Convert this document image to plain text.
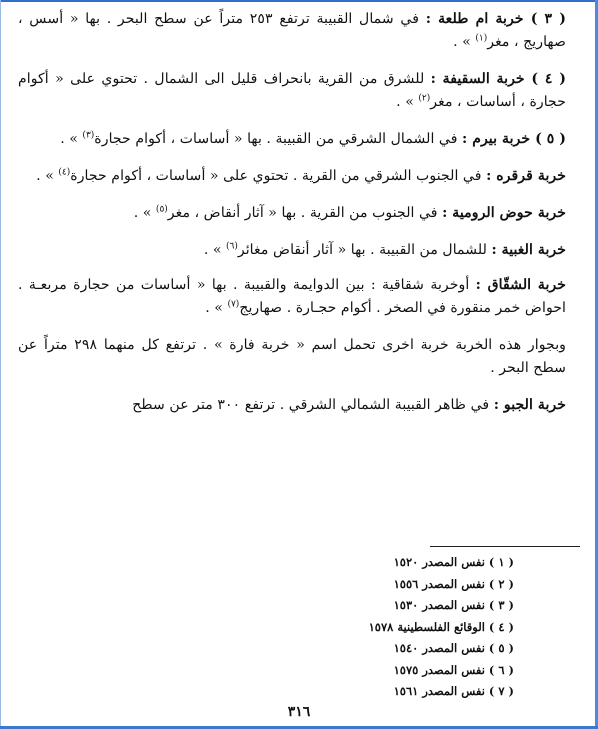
( ٣ ) خربة ام طلعة : في شمال القبيبة ترتفع ٢٥٣ متراً عن سطح البحر . بها « أسس ، صهاريج ، مغر$^{(١)}$ » .

( ٤ ) خربة السقيفة : للشرق من القرية بانحراف قليل الى الشمال . تحتوي على « أكوام حجارة ، أساسات ، مغر$^{(٢)}$ » .

( ٥ ) خربة بيرم : في الشمال الشرقي من القبيبة . بها « أساسات ، أكوام حجارة$^{(٣)}$ » .

خربة قرقره : في الجنوب الشرقي من القرية . تحتوي على « أساسات ، أكوام حجارة$^{(٤)}$ » .

خربة حوض الرومية : في الجنوب من القرية . بها « آثار أنقاض ، مغر$^{(٥)}$ » .

خربة الغبية : للشمال من القبيبة . بها « آثار أنقاض مغائر$^{(٦)}$ » .

خربة الشقّاق : أوخربة شقاقية : بين الدوايمة والقبيبة . بها « أساسات من حجارة مربعـة . احواض خمر منقورة في الصخر . أكوام حجـارة . صهاريج$^{(٧)}$ » .

وبجوار هذه الخربة خربة اخرى تحمل اسم « خربة فارة » . ترتفع كل منهما ٢٩٨ متراً عن سطح البحر .

خربة الجبو : في ظاهر القبيبة الشمالي الشرقي . ترتفع ٣٠٠ متر عن سطح

( ١ ) نفس المصدر ١٥٢٠
( ٢ ) نفس المصدر ١٥٥٦
( ٣ ) نفس المصدر ١٥٣٠
( ٤ ) الوقائع الفلسطينية ١٥٧٨
( ٥ ) نفس المصدر ١٥٤٠
( ٦ ) نفس المصدر ١٥٧٥
( ٧ ) نفس المصدر ١٥٦١
٣١٦
